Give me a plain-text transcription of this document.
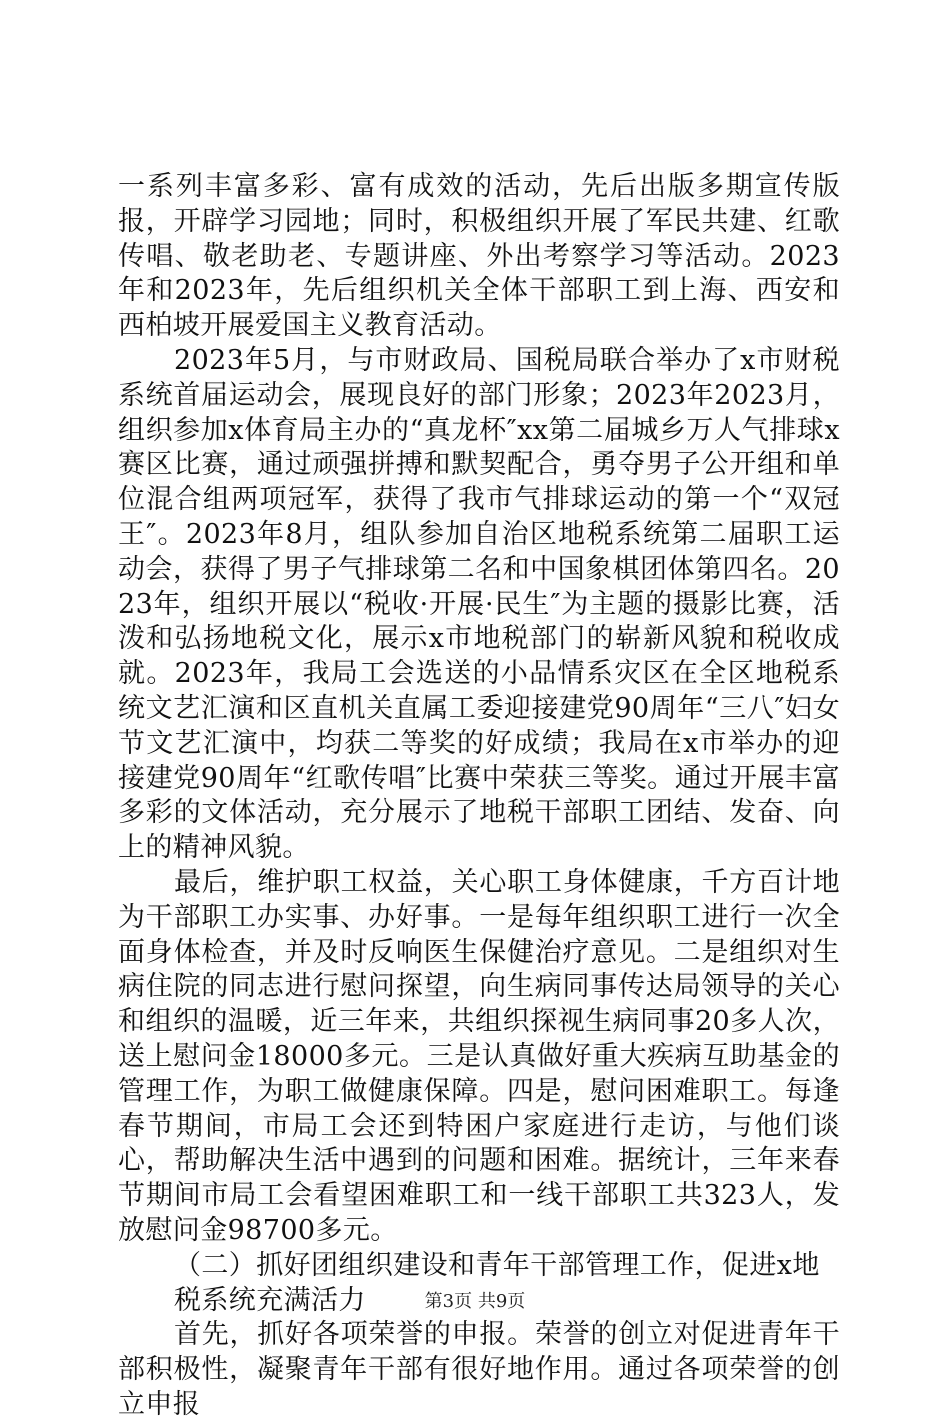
一系列丰富多彩、富有成效的活动，先后出版多期宣传版报，开辟学习园地；同时，积极组织开展了军民共建、红歌传唱、敬老助老、专题讲座、外出考察学习等活动。2023年和2023年，先后组织机关全体干部职工到上海、西安和西柏坡开展爱国主义教育活动。

2023年5月，与市财政局、国税局联合举办了x市财税系统首届运动会，展现良好的部门形象；2023年2023月，组织参加x体育局主办的“真龙杯″xx第二届城乡万人气排球x赛区比赛，通过顽强拼搏和默契配合，勇夺男子公开组和单位混合组两项冠军，获得了我市气排球运动的第一个“双冠王″。2023年8月，组队参加自治区地税系统第二届职工运动会，获得了男子气排球第二名和中国象棋团体第四名。2023年，组织开展以“税收·开展·民生″为主题的摄影比赛，活泼和弘扬地税文化，展示x市地税部门的崭新风貌和税收成就。2023年，我局工会选送的小品情系灾区在全区地税系统文艺汇演和区直机关直属工委迎接建党90周年“三八″妇女节文艺汇演中，均获二等奖的好成绩；我局在x市举办的迎接建党90周年“红歌传唱″比赛中荣获三等奖。通过开展丰富多彩的文体活动，充分展示了地税干部职工团结、发奋、向上的精神风貌。

最后，维护职工权益，关心职工身体健康，千方百计地为干部职工办实事、办好事。一是每年组织职工进行一次全面身体检查，并及时反响医生保健治疗意见。二是组织对生病住院的同志进行慰问探望，向生病同事传达局领导的关心和组织的温暖，近三年来，共组织探视生病同事20多人次，送上慰问金18000多元。三是认真做好重大疾病互助基金的管理工作，为职工做健康保障。四是，慰问困难职工。每逢春节期间，市局工会还到特困户家庭进行走访，与他们谈心，帮助解决生活中遇到的问题和困难。据统计，三年来春节期间市局工会看望困难职工和一线干部职工共323人，发放慰问金98700多元。

（二）抓好团组织建设和青年干部管理工作，促进x地

税系统充满活力

首先，抓好各项荣誉的申报。荣誉的创立对促进青年干部积极性，凝聚青年干部有很好地作用。通过各项荣誉的创立申报

第3页 共9页
